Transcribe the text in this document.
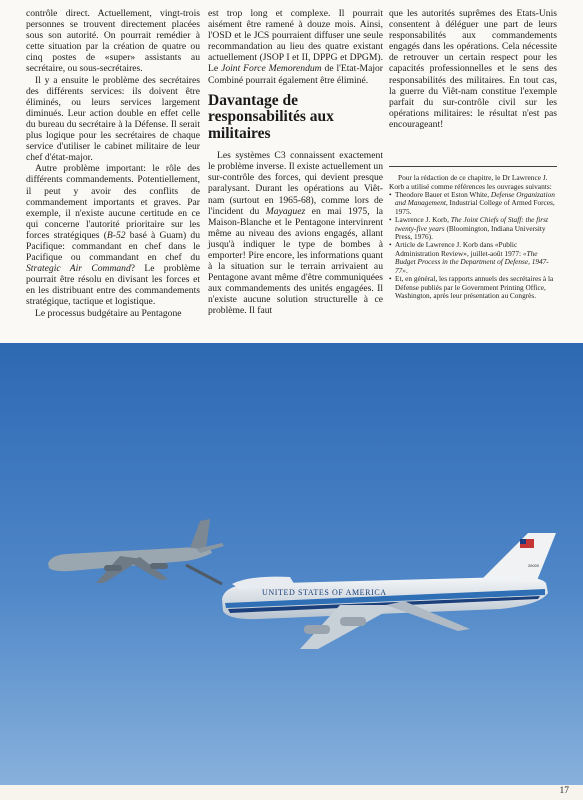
contrôle direct. Actuellement, vingt-trois personnes se trouvent directement placées sous son autorité. On pourrait remédier à cette situation par la création de quatre ou cinq postes de «super» assistants au secrétaire, ou sous-secrétaires.

Il y a ensuite le problème des secrétaires des différents services: ils doivent être éliminés, ou leurs services largement diminués. Leur action double en effet celle du bureau du secrétaire à la Défense. Il serait plus logique pour les secrétaires de chaque service d'utiliser le cabinet militaire de leur chef d'état-major.

Autre problème important: le rôle des différents commandements. Potentiellement, il peut y avoir des conflits de commandement importants et graves. Par exemple, il n'existe aucune certitude en ce qui concerne l'autorité prioritaire sur les forces stratégiques (B-52 basé à Guam) du Pacifique: commandant en chef dans le Pacifique ou commandant en chef du Strategic Air Command? Le problème pourrait être résolu en divisant les forces et en les distribuant entre des commandements stratégique, tactique et logistique.

Le processus budgétaire au Pentagone

est trop long et complexe. Il pourrait aisément être ramené à douze mois. Ainsi, l'OSD et le JCS pourraient diffuser une seule recommandation au lieu des quatre existant actuellement (JSOP I et II, DPPG et DPGM). Le Joint Force Memorendum de l'Etat-Major Combiné pourrait également être éliminé.

Davantage de responsabilités aux militaires

Les systèmes C3 connaissent exactement le problème inverse. Il existe actuellement un sur-contrôle des forces, qui devient presque paralysant. Durant les opérations au Viêt-nam (surtout en 1965-68), comme lors de l'incident du Mayaguez en mai 1975, la Maison-Blanche et le Pentagone intervinrent même au niveau des avions engagés, allant jusqu'à indiquer le type de bombes à emporter! Pire encore, les informations quant à la situation sur le terrain arrivaient au Pentagone avant même d'être communiquées aux commandements des unités engagées. Il n'existe aucune solution structurelle à ce problème. Il faut

que les autorités suprêmes des Etats-Unis consentent à déléguer une part de leurs responsabilités aux commandements engagés dans les opérations. Cela nécessite de retrouver un certain respect pour les capacités professionnelles et le sens des responsabilités des militaires. En tout cas, la guerre du Viêt-nam constitue l'exemple parfait du sur-contrôle civil sur les opérations militaires: le résultat n'est pas encourageant!

Pour la rédaction de ce chapitre, le Dr Lawrence J. Korb a utilisé comme références les ouvrages suivants:

• Theodore Bauer et Eston White, Defense Organization and Management, Industrial College of Armed Forces, 1975.
• Lawrence J. Korb, The Joint Chiefs of Staff: the first twenty-five years (Bloomington, Indiana University Press, 1976).
• Article de Lawrence J. Korb dans «Public Administration Review», juillet-août 1977: «The Budget Process in the Department of Defense, 1947-77».
• Et, en général, les rapports annuels des secrétaires à la Défense publiés par le Government Printing Office, Washington, après leur présentation au Congrès.
UNITED STATES OF AMERICA
26000
17
